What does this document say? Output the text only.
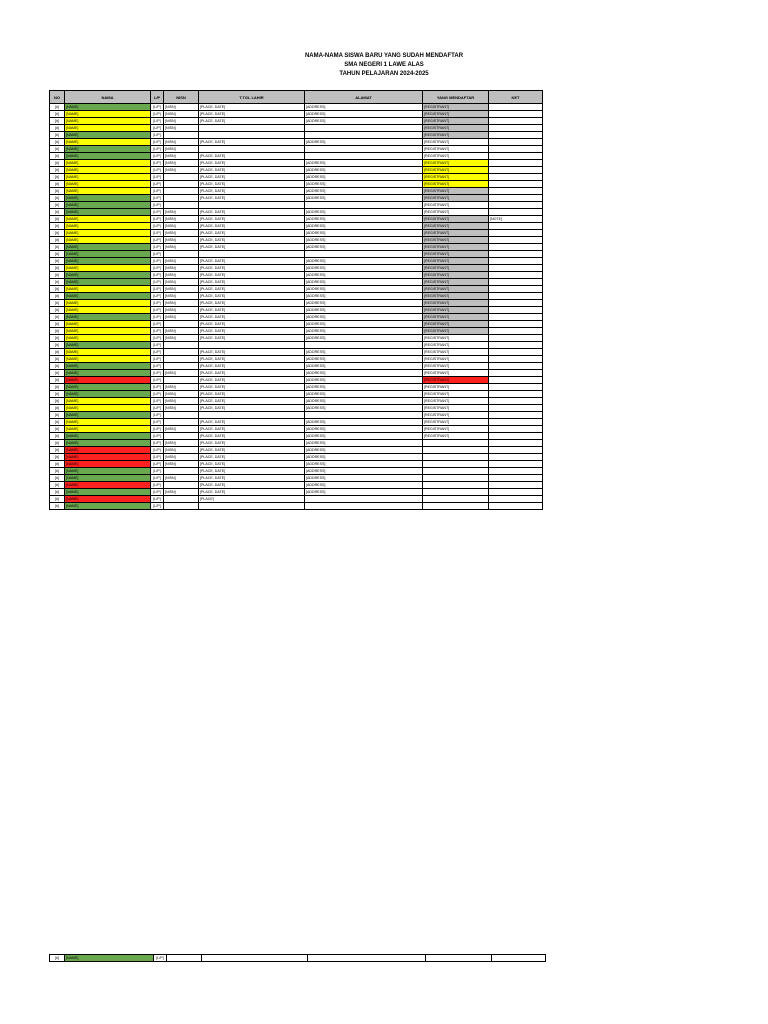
NAMA-NAMA SISWA BARU YANG SUDAH MENDAFTAR
SMA NEGERI 1 LAWE ALAS
TAHUN PELAJARAN 2024-2025
NO	NAMA	L/P	NISN	T.TGL LAHIR	ALAMAT	YANG MENDAFTAR	KET
[#]	[NAME]	[L/P]	[NISN]	[PLACE, DATE]	[ADDRESS]	[REGISTRANT]	
[#]	[NAME]	[L/P]	[NISN]	[PLACE, DATE]	[ADDRESS]	[REGISTRANT]	
[#]	[NAME]	[L/P]	[NISN]	[PLACE, DATE]	[ADDRESS]	[REGISTRANT]	
[#]	[NAME]	[L/P]	[NISN]			[REGISTRANT]	
[#]	[NAME]	[L/P]				[REGISTRANT]	
[#]	[NAME]	[L/P]	[NISN]	[PLACE, DATE]	[ADDRESS]	[REGISTRANT]	
[#]	[NAME]	[L/P]	[NISN]			[REGISTRANT]	
[#]	[NAME]	[L/P]	[NISN]	[PLACE, DATE]		[REGISTRANT]	
[#]	[NAME]	[L/P]	[NISN]	[PLACE, DATE]	[ADDRESS]	[REGISTRANT]	
[#]	[NAME]	[L/P]	[NISN]	[PLACE, DATE]	[ADDRESS]	[REGISTRANT]	
[#]	[NAME]	[L/P]		[PLACE, DATE]	[ADDRESS]	[REGISTRANT]	
[#]	[NAME]	[L/P]		[PLACE, DATE]	[ADDRESS]	[REGISTRANT]	
[#]	[NAME]	[L/P]		[PLACE, DATE]	[ADDRESS]	[REGISTRANT]	
[#]	[NAME]	[L/P]		[PLACE, DATE]	[ADDRESS]	[REGISTRANT]	
[#]	[NAME]	[L/P]				[REGISTRANT]	
[#]	[NAME]	[L/P]	[NISN]	[PLACE, DATE]	[ADDRESS]	[REGISTRANT]	
[#]	[NAME]	[L/P]	[NISN]	[PLACE, DATE]	[ADDRESS]	[REGISTRANT]	[NOTE]
[#]	[NAME]	[L/P]	[NISN]	[PLACE, DATE]	[ADDRESS]	[REGISTRANT]	
[#]	[NAME]	[L/P]	[NISN]	[PLACE, DATE]	[ADDRESS]	[REGISTRANT]	
[#]	[NAME]	[L/P]	[NISN]	[PLACE, DATE]	[ADDRESS]	[REGISTRANT]	
[#]	[NAME]	[L/P]	[NISN]	[PLACE, DATE]	[ADDRESS]	[REGISTRANT]	
[#]	[NAME]	[L/P]				[REGISTRANT]	
[#]	[NAME]	[L/P]	[NISN]	[PLACE, DATE]	[ADDRESS]	[REGISTRANT]	
[#]	[NAME]	[L/P]	[NISN]	[PLACE, DATE]	[ADDRESS]	[REGISTRANT]	
[#]	[NAME]	[L/P]	[NISN]	[PLACE, DATE]	[ADDRESS]	[REGISTRANT]	
[#]	[NAME]	[L/P]	[NISN]	[PLACE, DATE]	[ADDRESS]	[REGISTRANT]	
[#]	[NAME]	[L/P]	[NISN]	[PLACE, DATE]	[ADDRESS]	[REGISTRANT]	
[#]	[NAME]	[L/P]	[NISN]	[PLACE, DATE]	[ADDRESS]	[REGISTRANT]	
[#]	[NAME]	[L/P]	[NISN]	[PLACE, DATE]	[ADDRESS]	[REGISTRANT]	
[#]	[NAME]	[L/P]	[NISN]	[PLACE, DATE]	[ADDRESS]	[REGISTRANT]	
[#]	[NAME]	[L/P]	[NISN]	[PLACE, DATE]	[ADDRESS]	[REGISTRANT]	
[#]	[NAME]	[L/P]		[PLACE, DATE]	[ADDRESS]	[REGISTRANT]	
[#]	[NAME]	[L/P]	[NISN]	[PLACE, DATE]	[ADDRESS]	[REGISTRANT]	
[#]	[NAME]	[L/P]	[NISN]	[PLACE, DATE]	[ADDRESS]	[REGISTRANT]	
[#]	[NAME]	[L/P]				[REGISTRANT]	
[#]	[NAME]	[L/P]		[PLACE, DATE]	[ADDRESS]	[REGISTRANT]	
[#]	[NAME]	[L/P]		[PLACE, DATE]	[ADDRESS]	[REGISTRANT]	
[#]	[NAME]	[L/P]		[PLACE, DATE]	[ADDRESS]	[REGISTRANT]	
[#]	[NAME]	[L/P]	[NISN]	[PLACE, DATE]	[ADDRESS]	[REGISTRANT]	
[#]	[NAME]	[L/P]		[PLACE, DATE]	[ADDRESS]	[REGISTRANT]	
[#]	[NAME]	[L/P]	[NISN]	[PLACE, DATE]	[ADDRESS]	[REGISTRANT]	
[#]	[NAME]	[L/P]	[NISN]	[PLACE, DATE]	[ADDRESS]	[REGISTRANT]	
[#]	[NAME]	[L/P]	[NISN]	[PLACE, DATE]	[ADDRESS]	[REGISTRANT]	
[#]	[NAME]	[L/P]	[NISN]	[PLACE, DATE]	[ADDRESS]	[REGISTRANT]	
[#]	[NAME]	[L/P]				[REGISTRANT]	
[#]	[NAME]	[L/P]		[PLACE, DATE]	[ADDRESS]	[REGISTRANT]	
[#]	[NAME]	[L/P]	[NISN]	[PLACE, DATE]	[ADDRESS]	[REGISTRANT]	
[#]	[NAME]	[L/P]		[PLACE, DATE]	[ADDRESS]	[REGISTRANT]	
[#]	[NAME]	[L/P]	[NISN]	[PLACE, DATE]	[ADDRESS]		
[#]	[NAME]	[L/P]	[NISN]	[PLACE, DATE]	[ADDRESS]		
[#]	[NAME]	[L/P]	[NISN]	[PLACE, DATE]	[ADDRESS]		
[#]	[NAME]	[L/P]	[NISN]	[PLACE, DATE]	[ADDRESS]		
[#]	[NAME]	[L/P]		[PLACE, DATE]	[ADDRESS]		
[#]	[NAME]	[L/P]	[NISN]	[PLACE, DATE]	[ADDRESS]		
[#]	[NAME]	[L/P]		[PLACE, DATE]	[ADDRESS]		
[#]	[NAME]	[L/P]	[NISN]	[PLACE, DATE]	[ADDRESS]		
[#]	[NAME]	[L/P]		[PLACE]			
[#]	[NAME]	[L/P]					
[#]	[NAME]	[L/P]					
